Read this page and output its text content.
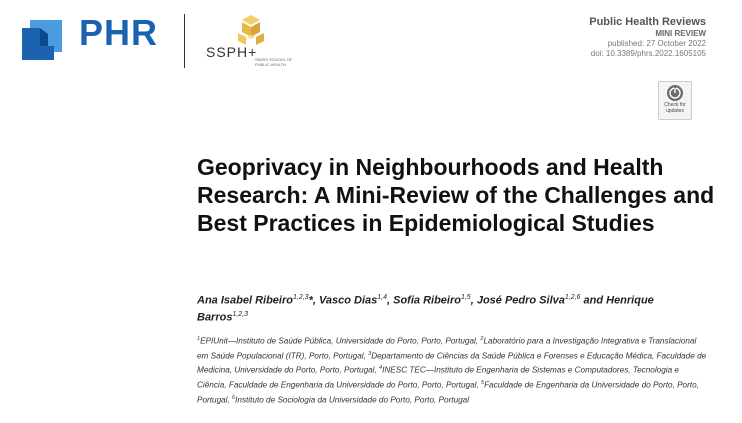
PHR	SSPH+
SWISS SCHOOL OF PUBLIC HEALTH
Public Health Reviews
MINI REVIEW
published: 27 October 2022
doi: 10.3389/phrs.2022.1605105
Check for
updates
Geoprivacy in Neighbourhoods and Health Research: A Mini-Review of the Challenges and Best Practices in Epidemiological Studies
Ana Isabel Ribeiro$^{1,2,3}$*, Vasco Dias$^{1,4}$, Sofia Ribeiro$^{1,5}$, José Pedro Silva$^{1,2,6}$ and Henrique Barros$^{1,2,3}$
$^1$EPIUnit—Instituto de Saúde Pública, Universidade do Porto, Porto, Portugal, $^2$Laboratório para a Investigação Integrativa e Translacional em Saúde Populacional (ITR), Porto, Portugal, $^3$Departamento de Ciências da Saúde Pública e Forenses e Educação Médica, Faculdade de Medicina, Universidade do Porto, Porto, Portugal, $^4$INESC TEC—Instituto de Engenharia de Sistemas e Computadores, Tecnologia e Ciência, Faculdade de Engenharia da Universidade do Porto, Porto, Portugal, $^5$Faculdade de Engenharia da Universidade do Porto, Porto, Portugal, $^6$Instituto de Sociologia da Universidade do Porto, Porto, Portugal
